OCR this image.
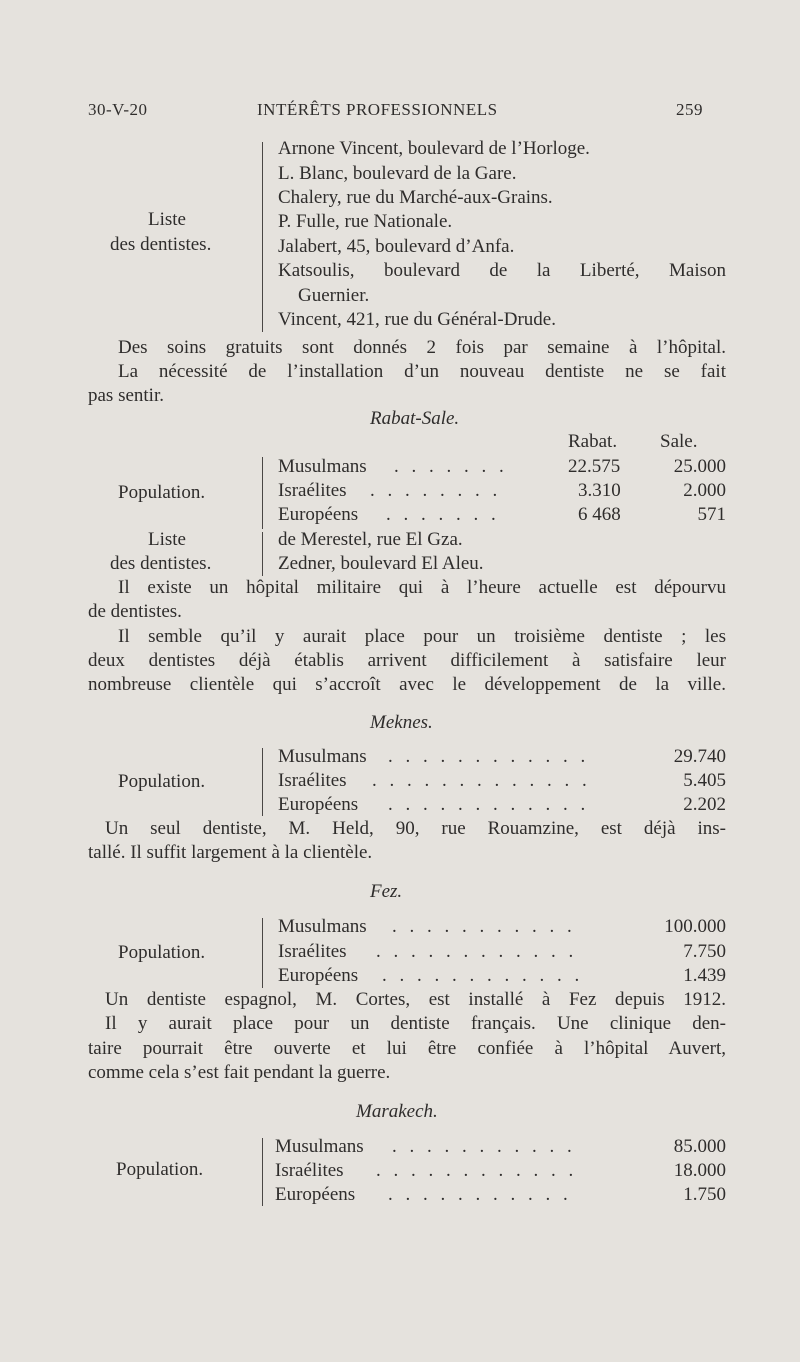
30-V-20	INTÉRÊTS PROFESSIONNELS	259
Liste
des dentistes.
Arnone Vincent, boulevard de l’Horloge.
L. Blanc, boulevard de la Gare.
Chalery, rue du Marché-aux-Grains.
P. Fulle, rue Nationale.
Jalabert, 45, boulevard d’Anfa.
Katsoulis, boulevard de la Liberté, Maison
Guernier.
Vincent, 421, rue du Général-Drude.
Des soins gratuits sont donnés 2 fois par semaine à l’hôpital.
La nécessité de l’installation d’un nouveau dentiste ne se fait
pas sentir.
Rabat-Sale.
Rabat. Sale.
Population.
Musulmans . . . . . . .	22.575	25.000
Israélites . . . . . . . .	3.310	2.000
Européens . . . . . . .	6 468	571
Liste
des dentistes.
de Merestel, rue El Gza.
Zedner, boulevard El Aleu.
Il existe un hôpital militaire qui à l’heure actuelle est dépourvu
de dentistes.
Il semble qu’il y aurait place pour un troisième dentiste ; les
deux dentistes déjà établis arrivent difficilement à satisfaire leur
nombreuse clientèle qui s’accroît avec le développement de la ville.
Meknes.
Population.
Musulmans . . . . . . . . . . . .	29.740
Israélites . . . . . . . . . . . . .	5.405
Européens . . . . . . . . . . . .	2.202
Un seul dentiste, M. Held, 90, rue Rouamzine, est déjà ins-
tallé. Il suffit largement à la clientèle.
Fez.
Population.
Musulmans . . . . . . . . . . .	100.000
Israélites . . . . . . . . . . . .	7.750
Européens . . . . . . . . . . . .	1.439
Un dentiste espagnol, M. Cortes, est installé à Fez depuis 1912.
Il y aurait place pour un dentiste français. Une clinique den-
taire pourrait être ouverte et lui être confiée à l’hôpital Auvert,
comme cela s’est fait pendant la guerre.
Marakech.
Population.
Musulmans . . . . . . . . . . .	85.000
Israélites . . . . . . . . . . . .	18.000
Européens . . . . . . . . . . .	1.750
